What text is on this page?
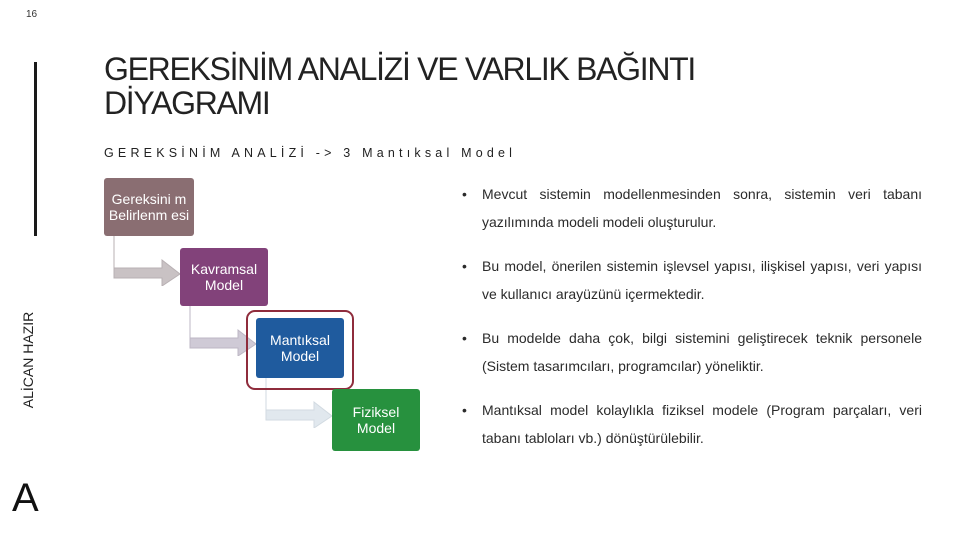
16
ALİCAN HAZIR
A
GEREKSİNİM ANALİZİ VE VARLIK BAĞINTI DİYAGRAMI
GEREKSİNİM ANALİZİ -> 3 Mantıksal Model
Gereksini m Belirlenm esi
Kavramsal Model
Mantıksal Model
Fiziksel Model
• Mevcut sistemin modellenmesinden sonra, sistemin veri tabanı yazılımında modeli modeli oluşturulur.
• Bu model, önerilen sistemin işlevsel yapısı, ilişkisel yapısı, veri yapısı ve kullanıcı arayüzünü içermektedir.
• Bu modelde daha çok, bilgi sistemini geliştirecek teknik personele (Sistem tasarımcıları, programcılar) yöneliktir.
• Mantıksal model kolaylıkla fiziksel modele (Program parçaları, veri tabanı tabloları vb.) dönüştürülebilir.
